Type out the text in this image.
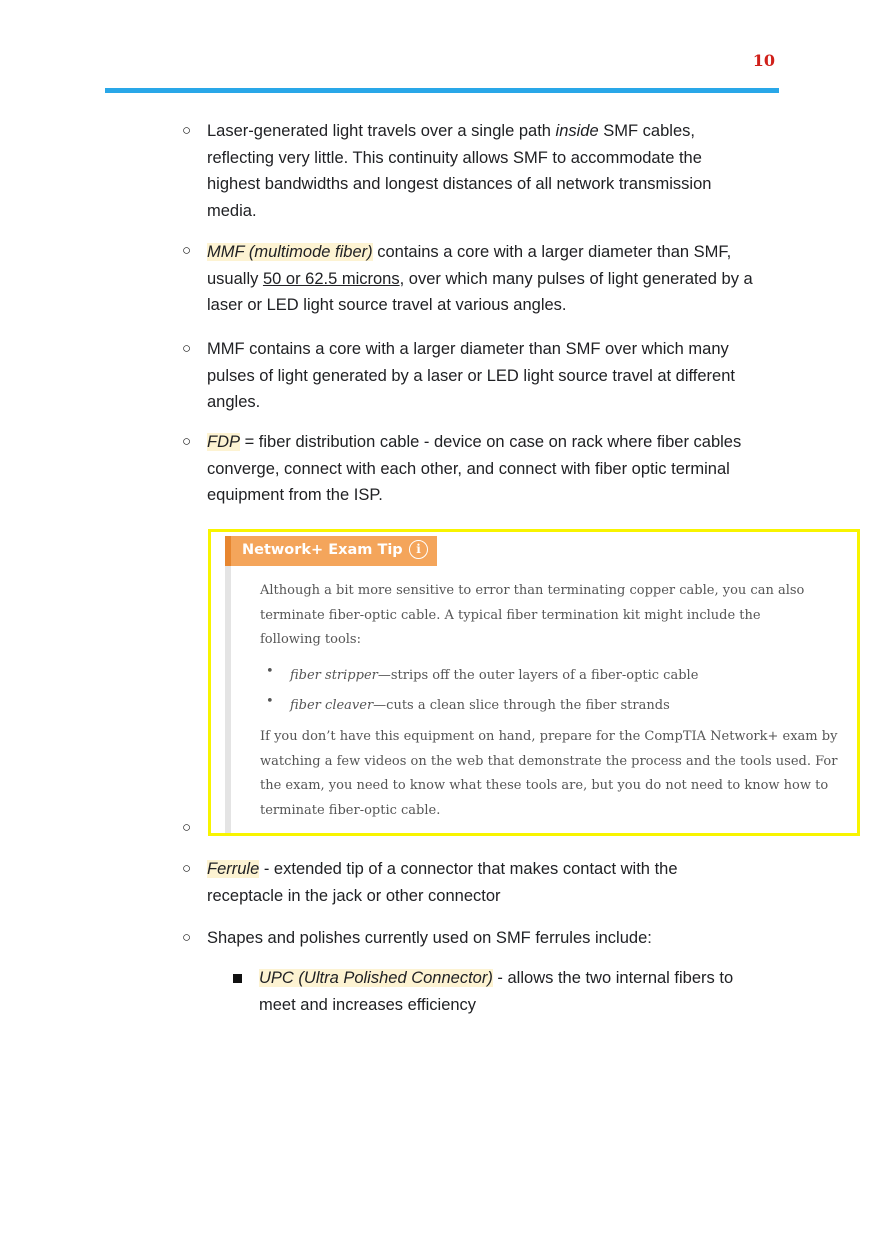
10
○ Laser-generated light travels over a single path inside SMF cables, reflecting very little. This continuity allows SMF to accommodate the highest bandwidths and longest distances of all network transmission media.
○ MMF (multimode fiber) contains a core with a larger diameter than SMF, usually 50 or 62.5 microns, over which many pulses of light generated by a laser or LED light source travel at various angles.
○ MMF contains a core with a larger diameter than SMF over which many pulses of light generated by a laser or LED light source travel at different angles.
○ FDP = fiber distribution cable - device on case on rack where fiber cables converge, connect with each other, and connect with fiber optic terminal equipment from the ISP.
Network+ Exam Tip	i
Although a bit more sensitive to error than terminating copper cable, you can also terminate fiber-optic cable. A typical fiber termination kit might include the following tools:
• fiber stripper—strips off the outer layers of a fiber-optic cable
• fiber cleaver—cuts a clean slice through the fiber strands
If you don’t have this equipment on hand, prepare for the CompTIA Network+ exam by watching a few videos on the web that demonstrate the process and the tools used. For the exam, you need to know what these tools are, but you do not need to know how to terminate fiber-optic cable.
○
○ Ferrule - extended tip of a connector that makes contact with the receptacle in the jack or other connector
○ Shapes and polishes currently used on SMF ferrules include:
UPC (Ultra Polished Connector) - allows the two internal fibers to meet and increases efficiency
